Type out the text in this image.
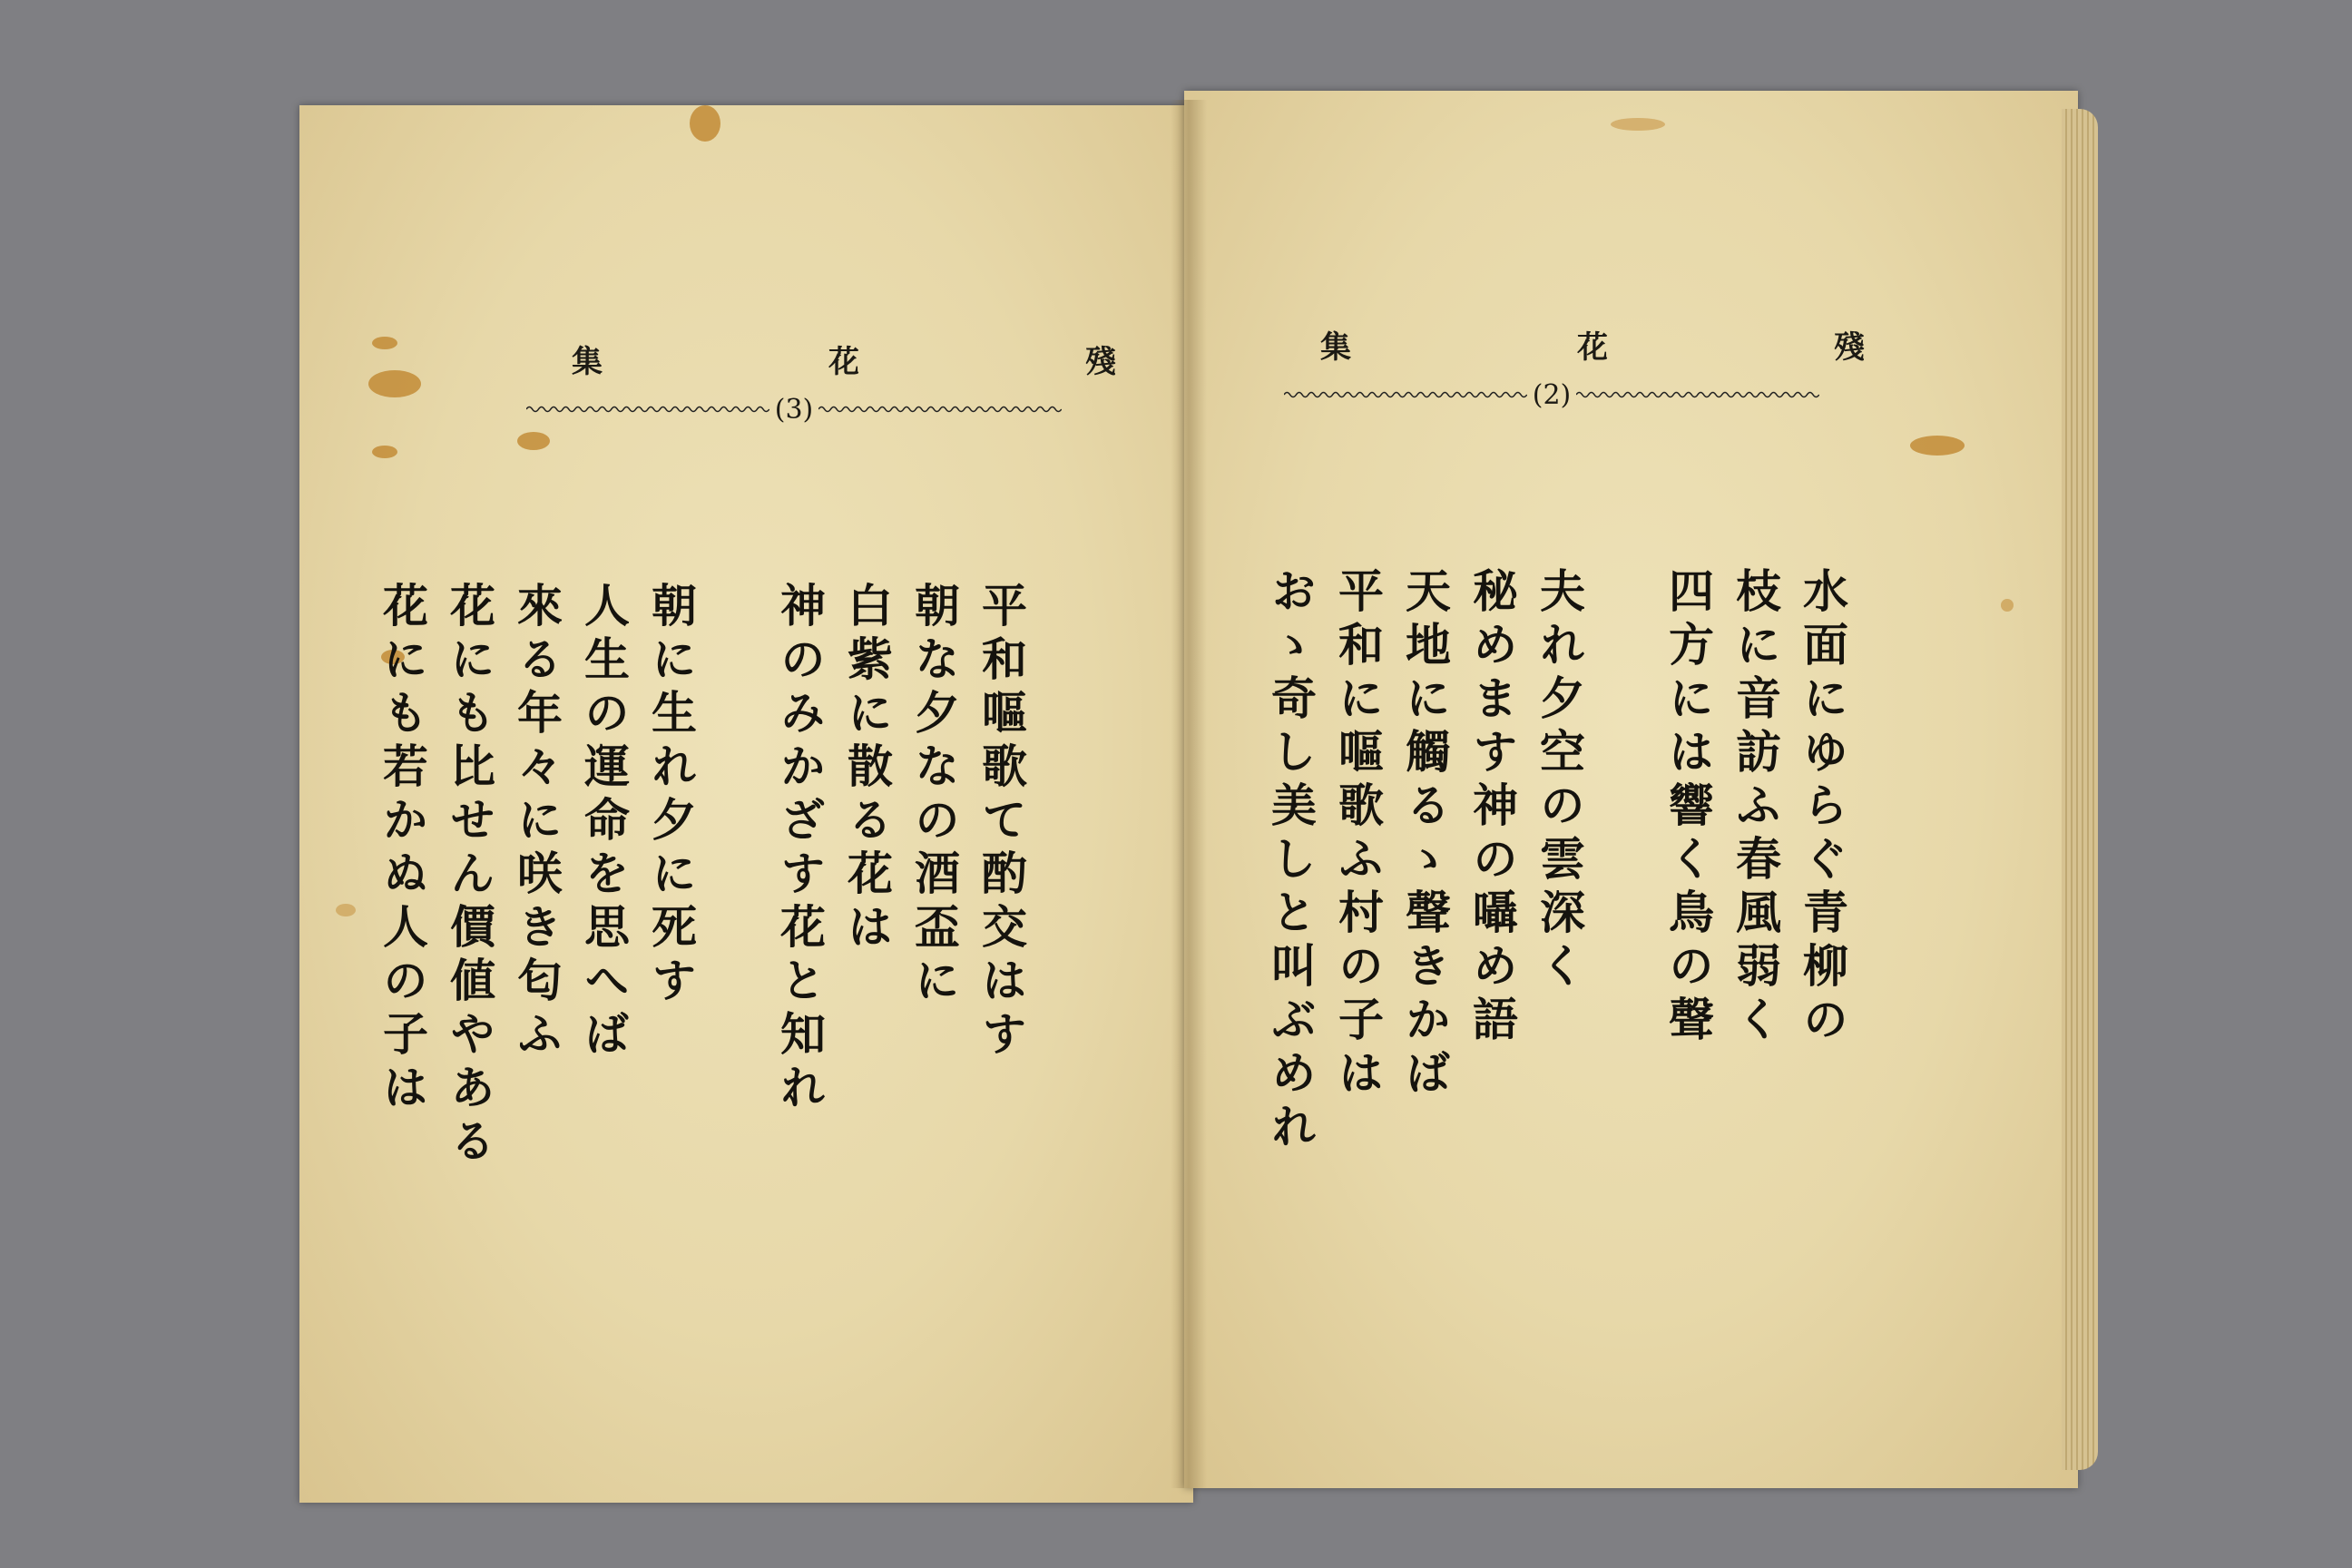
殘
花
集
(3)
平和嘔歌て酌交はす
朝な夕なの酒盃に
白紫に散る花は
神のみかざす花と知れ
朝に生れ夕に死す
人生の運命を思へば
來る年々に咲き匂ふ
花にも比せん價値やある
花にも若かぬ人の子は
殘
花
集
(2)
水面にゆらぐ青柳の
枝に音訪ふ春風弱く
四方には響く鳥の聲
夫れ夕空の雲深く
秘めます神の囁め語
天地に觸るゝ聲きかば
平和に嘔歌ふ村の子は
おゝ奇し美しと叫ぶめれ
